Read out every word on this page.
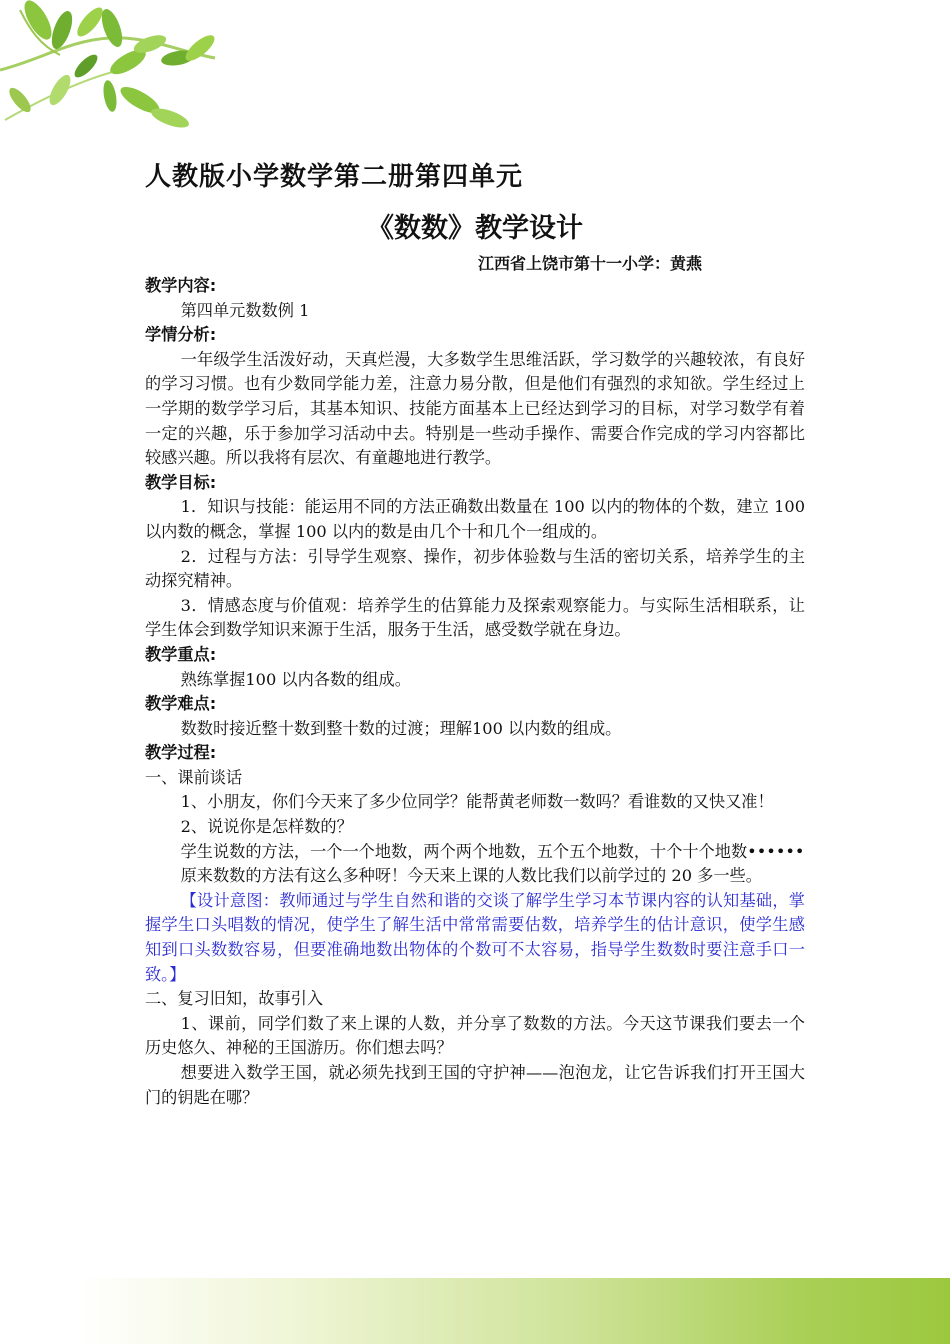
人教版小学数学第二册第四单元
《数数》教学设计

江西省上饶市第十一小学：黄燕

教学内容:

第四单元数数例 1

学情分析:

一年级学生活泼好动，天真烂漫，大多数学生思维活跃，学习数学的兴趣较浓，有良好的学习习惯。也有少数同学能力差，注意力易分散，但是他们有强烈的求知欲。学生经过上一学期的数学学习后，其基本知识、技能方面基本上已经达到学习的目标，对学习数学有着一定的兴趣，乐于参加学习活动中去。特别是一些动手操作、需要合作完成的学习内容都比较感兴趣。所以我将有层次、有童趣地进行教学。

教学目标:

1．知识与技能：能运用不同的方法正确数出数量在 100 以内的物体的个数，建立 100 以内数的概念，掌握 100 以内的数是由几个十和几个一组成的。

2．过程与方法：引导学生观察、操作，初步体验数与生活的密切关系，培养学生的主动探究精神。

3．情感态度与价值观：培养学生的估算能力及探索观察能力。与实际生活相联系，让学生体会到数学知识来源于生活，服务于生活，感受数学就在身边。

教学重点:

熟练掌握100 以内各数的组成。

教学难点:

数数时接近整十数到整十数的过渡；理解100 以内数的组成。

教学过程:

一、课前谈话

1、小朋友，你们今天来了多少位同学？能帮黄老师数一数吗？看谁数的又快又准！

2、说说你是怎样数的？

学生说数的方法，一个一个地数，两个两个地数，五个五个地数，十个十个地数••••••

原来数数的方法有这么多种呀！今天来上课的人数比我们以前学过的 20 多一些。

【设计意图：教师通过与学生自然和谐的交谈了解学生学习本节课内容的认知基础，掌握学生口头唱数的情况，使学生了解生活中常常需要估数，培养学生的估计意识，使学生感知到口头数数容易，但要准确地数出物体的个数可不太容易，指导学生数数时要注意手口一致。】

二、复习旧知，故事引入

1、课前，同学们数了来上课的人数，并分享了数数的方法。今天这节课我们要去一个历史悠久、神秘的王国游历。你们想去吗？

想要进入数学王国，就必须先找到王国的守护神——泡泡龙，让它告诉我们打开王国大门的钥匙在哪？
